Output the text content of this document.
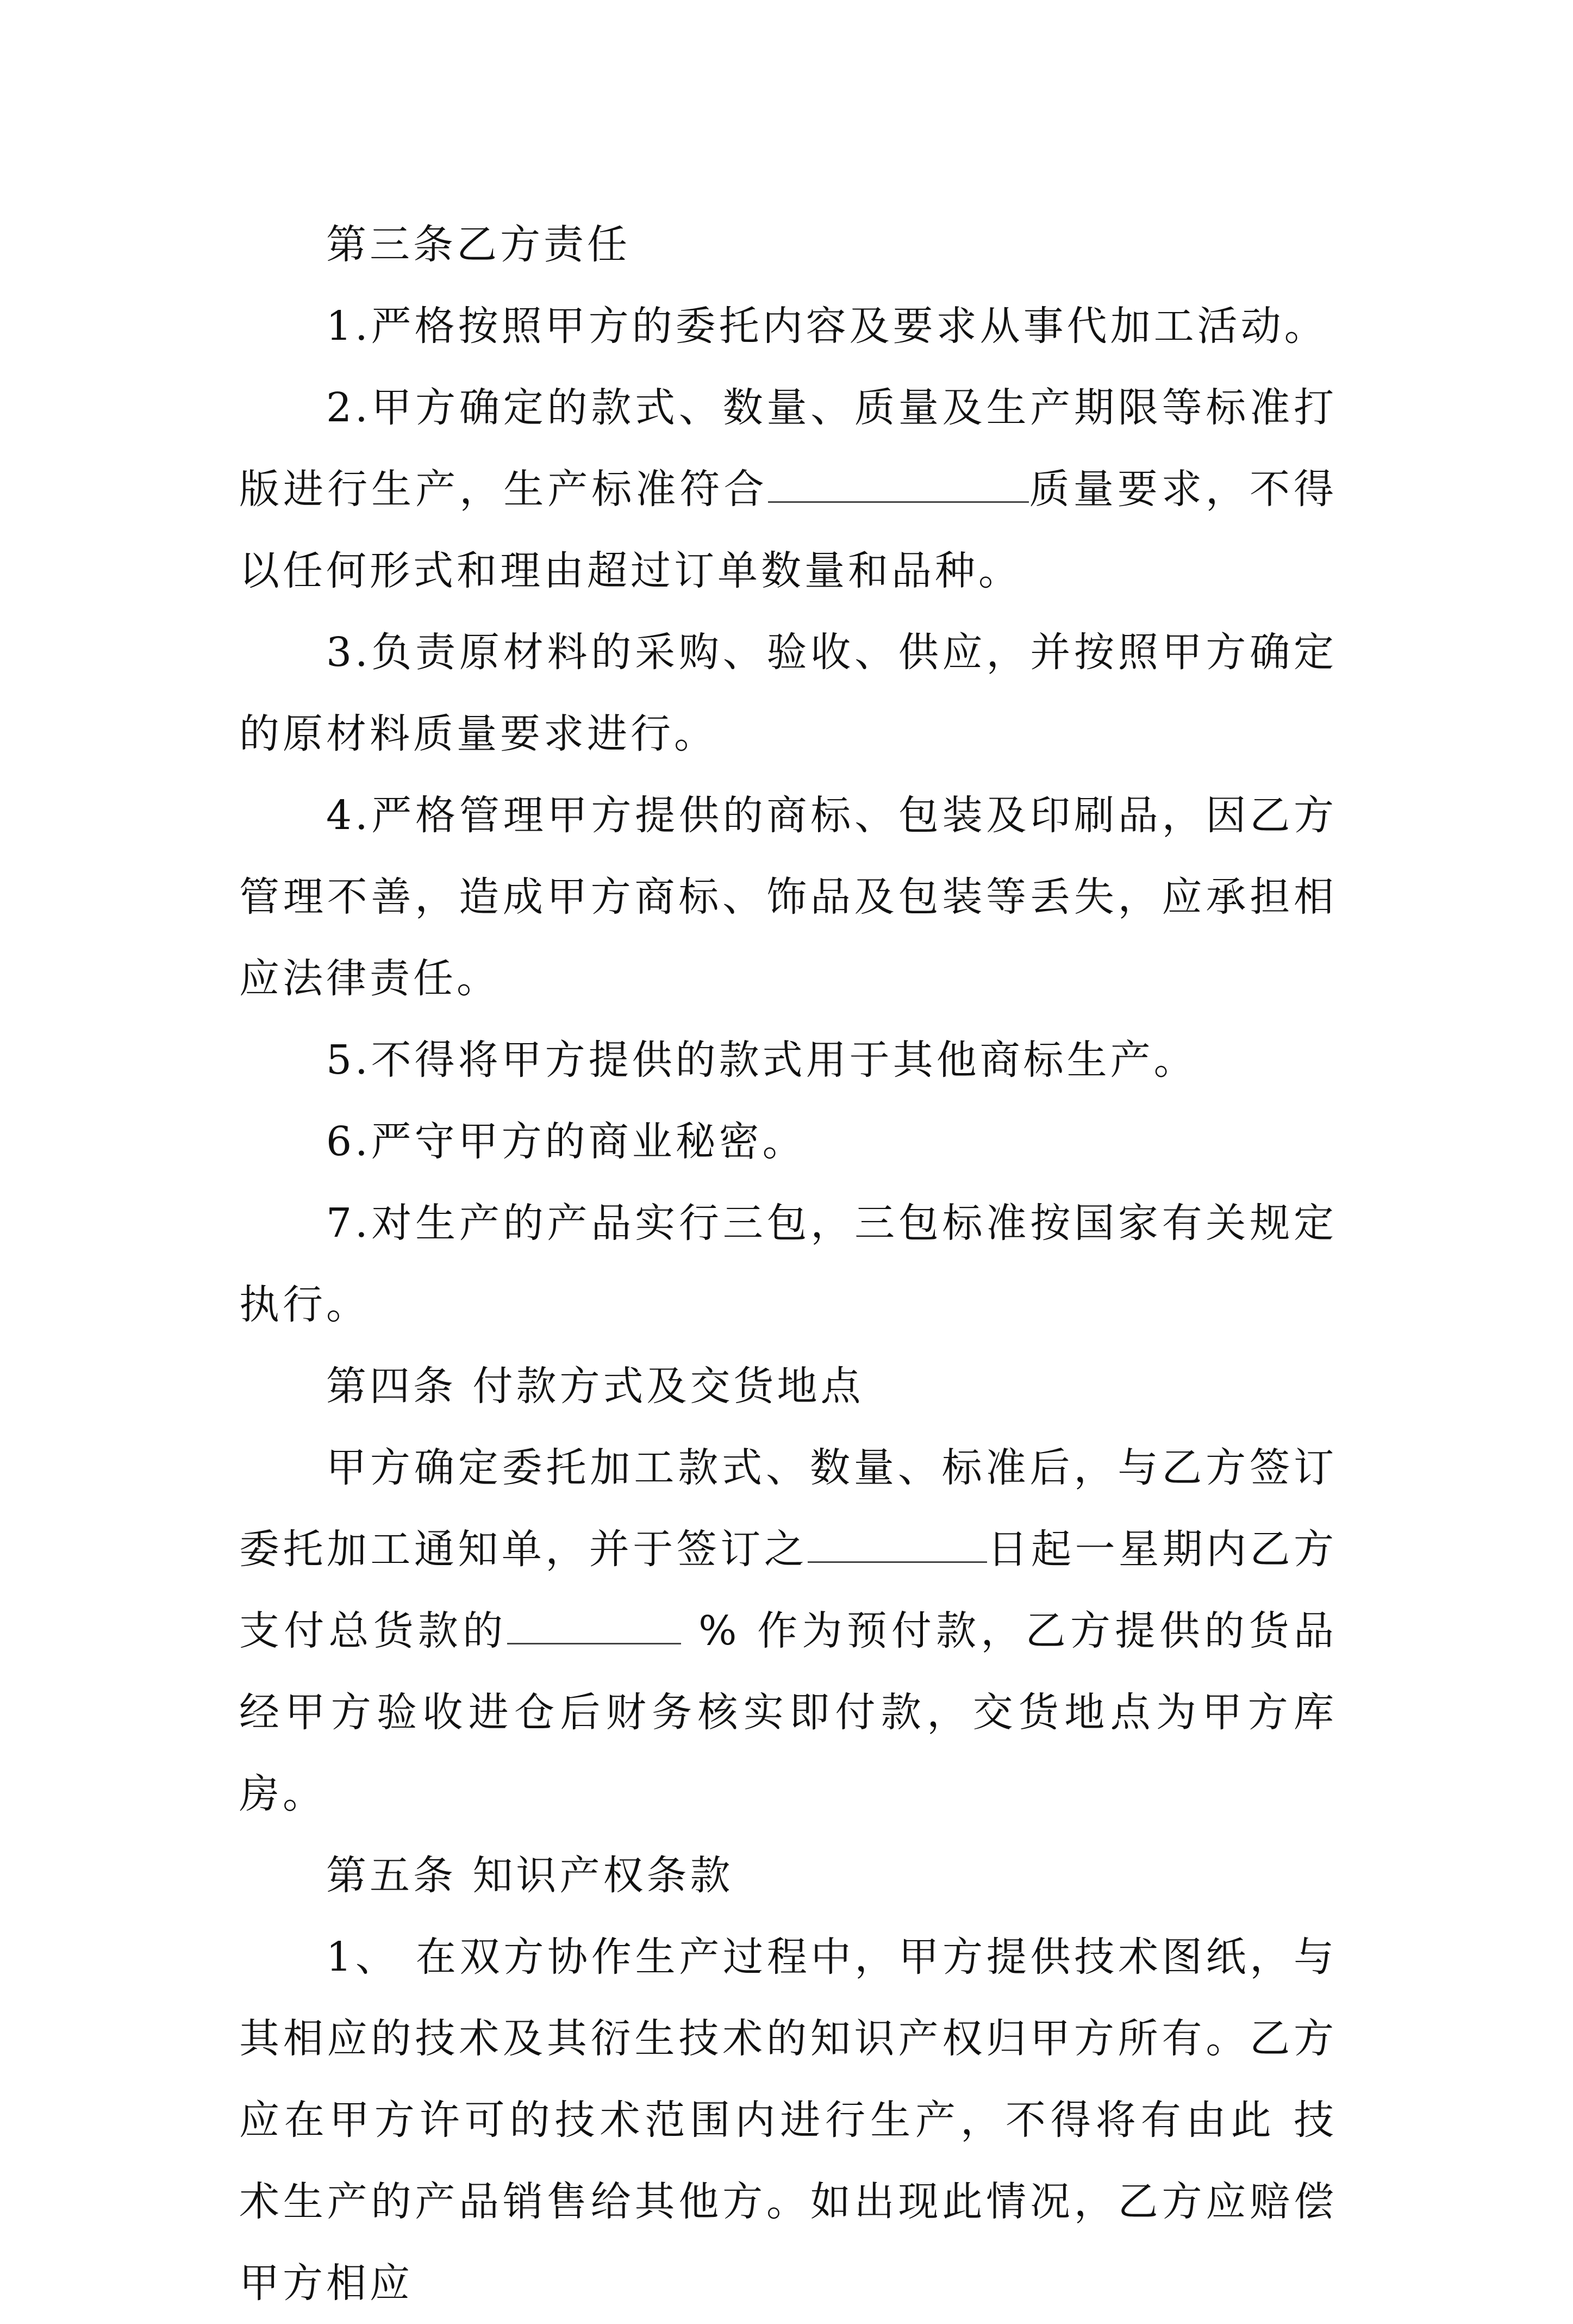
第三条乙方责任

1.严格按照甲方的委托内容及要求从事代加工活动。

2.甲方确定的款式、数量、质量及生产期限等标准打版进行生产，生产标准符合	质量要求，不得以任何形式和理由超过订单数量和品种。

3.负责原材料的采购、验收、供应，并按照甲方确定的原材料质量要求进行。

4.严格管理甲方提供的商标、包装及印刷品，因乙方管理不善，造成甲方商标、饰品及包装等丢失，应承担相应法律责任。

5.不得将甲方提供的款式用于其他商标生产。

6.严守甲方的商业秘密。

7.对生产的产品实行三包，三包标准按国家有关规定执行。

第四条 付款方式及交货地点

甲方确定委托加工款式、数量、标准后，与乙方签订委托加工通知单，并于签订之	日起一星期内乙方支付总货款的	% 作为预付款，乙方提供的货品经甲方验收进仓后财务核实即付款，交货地点为甲方库房。

第五条 知识产权条款

1、 在双方协作生产过程中，甲方提供技术图纸，与其相应的技术及其衍生技术的知识产权归甲方所有。乙方应在甲方许可的技术范围内进行生产，不得将有由此 技术生产的产品销售给其他方。如出现此情况，乙方应赔偿甲方相应
